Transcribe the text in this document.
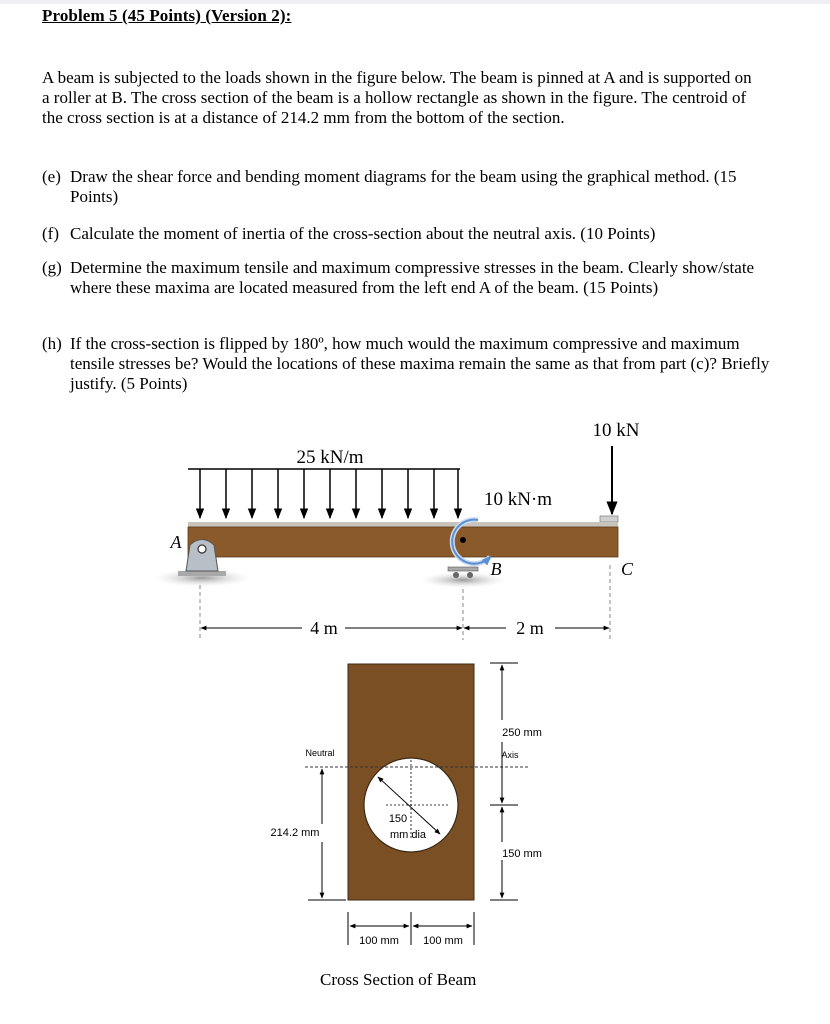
Problem 5 (45 Points) (Version 2):
A beam is subjected to the loads shown in the figure below. The beam is pinned at A and is supported on a roller at B. The cross section of the beam is a hollow rectangle as shown in the figure. The centroid of the cross section is at a distance of 214.2 mm from the bottom of the section.
(e) Draw the shear force and bending moment diagrams for the beam using the graphical method. (15 Points)
(f) Calculate the moment of inertia of the cross-section about the neutral axis. (10 Points)
(g) Determine the maximum tensile and maximum compressive stresses in the beam. Clearly show/state where these maxima are located measured from the left end A of the beam. (15 Points)
(h) If the cross-section is flipped by 180º, how much would the maximum compressive and maximum tensile stresses be? Would the locations of these maxima remain the same as that from part (c)? Briefly justify. (5 Points)
25 kN/m
10 kN
A
B
10 kN·m
C
4 m	2 m
150
mm dia
Neutral	Axis
250 mm
150 mm
214.2 mm
100 mm 100 mm
Cross Section of Beam
